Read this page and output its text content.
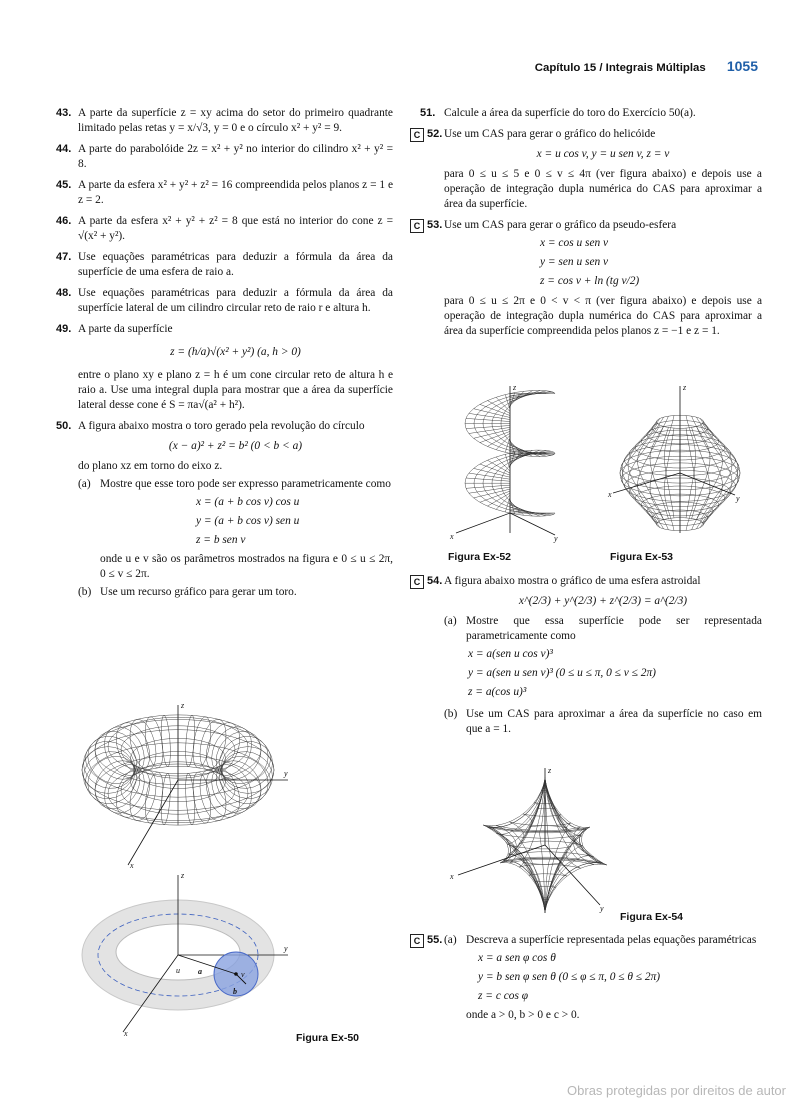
Capítulo 15 / Integrais Múltiplas 1055
43. A parte da superfície z = xy acima do setor do primeiro quadrante limitado pelas retas y = x/√3, y = 0 e o círculo x² + y² = 9.
44. A parte do parabolóide 2z = x² + y² no interior do cilindro x² + y² = 8.
45. A parte da esfera x² + y² + z² = 16 compreendida pelos planos z = 1 e z = 2.
46. A parte da esfera x² + y² + z² = 8 que está no interior do cone z = √(x² + y²).
47. Use equações paramétricas para deduzir a fórmula da área da superfície de uma esfera de raio a.
48. Use equações paramétricas para deduzir a fórmula da área da superfície lateral de um cilindro circular reto de raio r e altura h.
49. A parte da superfície
z = (h/a)√(x² + y²) (a, h > 0)
entre o plano xy e plano z = h é um cone circular reto de altura h e raio a. Use uma integral dupla para mostrar que a área da superfície lateral desse cone é S = πa√(a² + h²).
50. A figura abaixo mostra o toro gerado pela revolução do círculo
(x − a)² + z² = b² (0 < b < a)
do plano xz em torno do eixo z.
(a) Mostre que esse toro pode ser expresso parametricamente como
x = (a + b cos v) cos u
y = (a + b cos v) sen u
z = b sen v
onde u e v são os parâmetros mostrados na figura e 0 ≤ u ≤ 2π, 0 ≤ v ≤ 2π.
(b) Use um recurso gráfico para gerar um toro.
z
y
x
z
y
x
u a	v
b
Figura Ex-50
51. Calcule a área da superfície do toro do Exercício 50(a).
C 52. Use um CAS para gerar o gráfico do helicóide
x = u cos v, y = u sen v, z = v
para 0 ≤ u ≤ 5 e 0 ≤ v ≤ 4π (ver figura abaixo) e depois use a operação de integração dupla numérica do CAS para aproximar a área da superfície.
C 53. Use um CAS para gerar o gráfico da pseudo-esfera
x = cos u sen v
y = sen u sen v
z = cos v + ln (tg v/2)
para 0 ≤ u ≤ 2π e 0 < v < π (ver figura abaixo) e depois use a operação de integração dupla numérica do CAS para aproximar a área da superfície compreendida pelos planos z = −1 e z = 1.
z
y
x
Figura Ex-52
z
x	y
Figura Ex-53
C 54. A figura abaixo mostra o gráfico de uma esfera astroidal
x^(2/3) + y^(2/3) + z^(2/3) = a^(2/3)
(a) Mostre que essa superfície pode ser representada parametricamente como
x = a(sen u cos v)³
y = a(sen u sen v)³ (0 ≤ u ≤ π, 0 ≤ v ≤ 2π)
z = a(cos u)³
(b) Use um CAS para aproximar a área da superfície no caso em que a = 1.
z
x
y
Figura Ex-54
C 55. (a) Descreva a superfície representada pelas equações paramétricas
x = a sen φ cos θ
y = b sen φ sen θ (0 ≤ φ ≤ π, 0 ≤ θ ≤ 2π)
z = c cos φ
onde a > 0, b > 0 e c > 0.
Obras protegidas por direitos de autor
